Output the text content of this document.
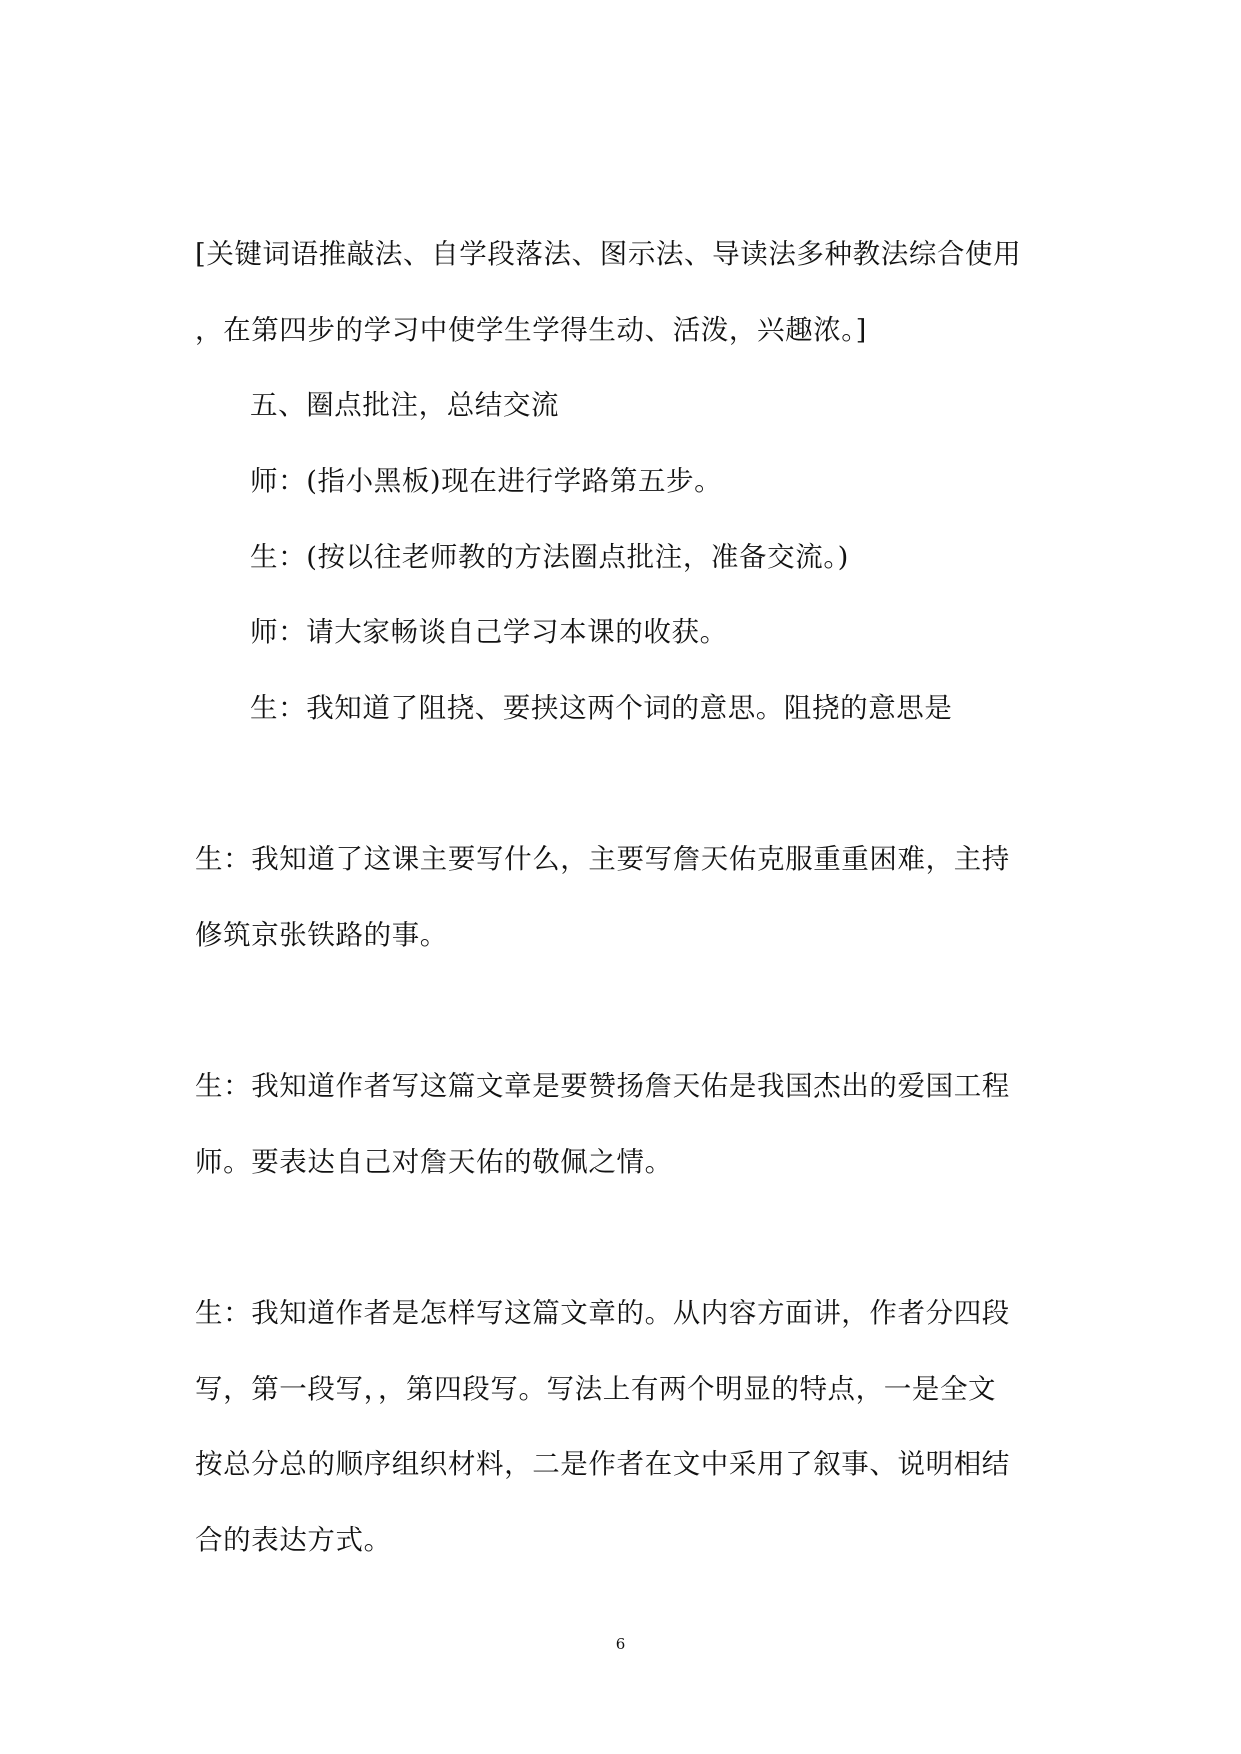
[关键词语推敲法、自学段落法、图示法、导读法多种教法综合使用
，在第四步的学习中使学生学得生动、活泼，兴趣浓。]
五、圈点批注，总结交流
师：(指小黑板)现在进行学路第五步。
生：(按以往老师教的方法圈点批注，准备交流。)
师：请大家畅谈自己学习本课的收获。
生：我知道了阻挠、要挟这两个词的意思。阻挠的意思是
生：我知道了这课主要写什么，主要写詹天佑克服重重困难，主持
修筑京张铁路的事。
生：我知道作者写这篇文章是要赞扬詹天佑是我国杰出的爱国工程
师。要表达自己对詹天佑的敬佩之情。
生：我知道作者是怎样写这篇文章的。从内容方面讲，作者分四段
写，第一段写，，第四段写。写法上有两个明显的特点，一是全文
按总分总的顺序组织材料，二是作者在文中采用了叙事、说明相结
合的表达方式。
6
